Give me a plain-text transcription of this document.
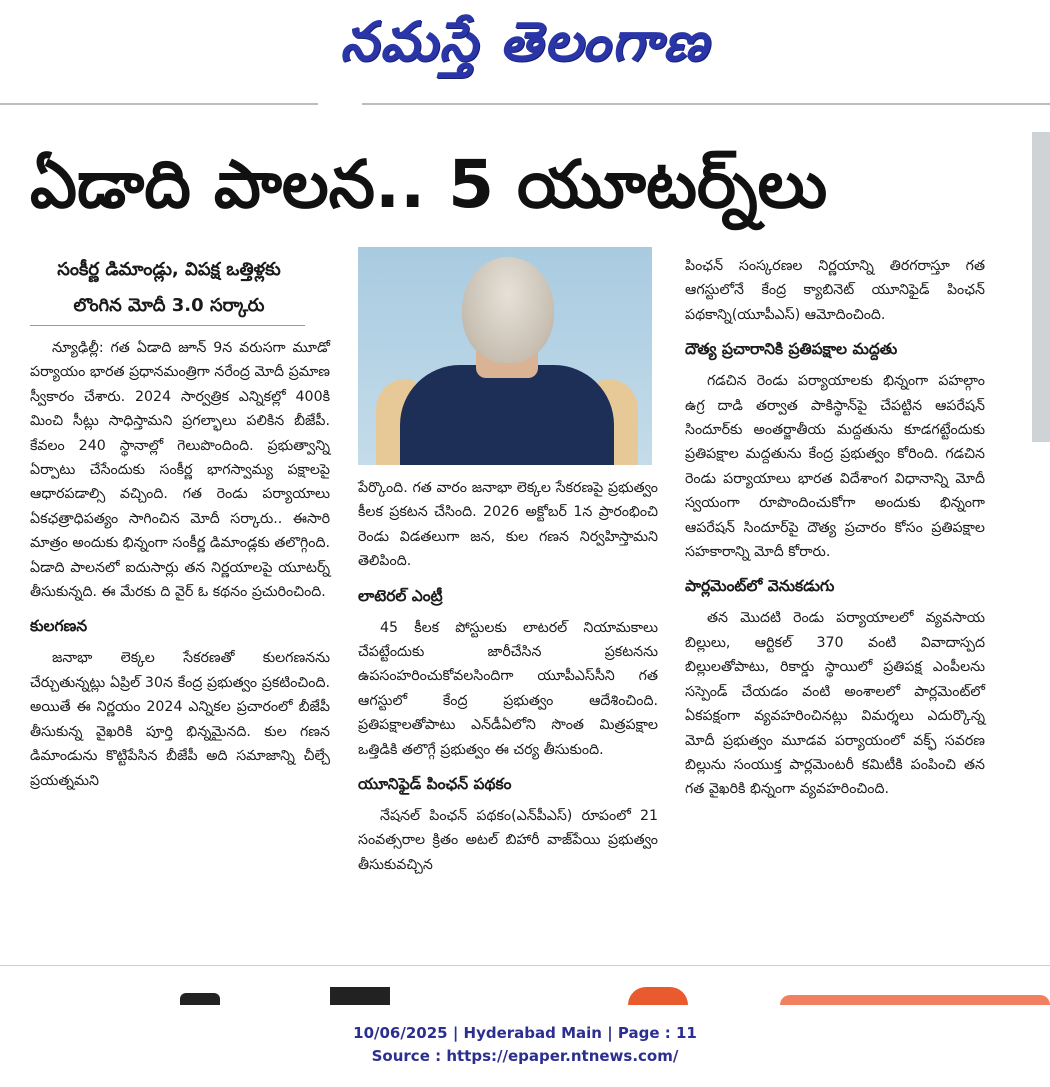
నమస్తే తెలంగాణ
ఏడాది పాలన.. 5 యూటర్న్‌లు
సంకీర్ణ డిమాండ్లు, విపక్ష ఒత్తిళ్లకు
లొంగిన మోదీ 3.0 సర్కారు

న్యూఢిల్లీ: గత ఏడాది జూన్ 9న వరుసగా మూడో పర్యాయం భారత ప్రధానమంత్రిగా నరేంద్ర మోదీ ప్రమాణ స్వీకారం చేశారు. 2024 సార్వత్రిక ఎన్నికల్లో 400కి మించి సీట్లు సాధిస్తామని ప్రగల్భాలు పలికిన బీజేపీ. కేవలం 240 స్థానాల్లో గెలుపొందింది. ప్రభుత్వాన్ని ఏర్పాటు చేసేందుకు సంకీర్ణ భాగస్వామ్య పక్షాలపై ఆధారపడాల్సి వచ్చింది. గత రెండు పర్యాయాలు ఏకఛత్రాధిపత్యం సాగించిన మోదీ సర్కారు.. ఈసారి మాత్రం అందుకు భిన్నంగా సంకీర్ణ డిమాండ్లకు తలొగ్గింది. ఏడాది పాలనలో ఐదుసార్లు తన నిర్ణయాలపై యూటర్న్ తీసుకున్నది. ఈ మేరకు ది వైర్ ఓ కథనం ప్రచురించింది.

కులగణన

జనాభా లెక్కల సేకరణతో కులగణనను చేర్చుతున్నట్లు ఏప్రిల్ 30న కేంద్ర ప్రభుత్వం ప్రకటించింది. అయితే ఈ నిర్ణయం 2024 ఎన్నికల ప్రచారంలో బీజేపీ తీసుకున్న వైఖరికి పూర్తి భిన్నమైనది. కుల గణన డిమాండును కొట్టిపేసిన బీజేపీ అది సమాజాన్ని చీల్చే ప్రయత్నమని

పేర్కొంది. గత వారం జనాభా లెక్కల సేకరణపై ప్రభుత్వం కీలక ప్రకటన చేసింది. 2026 అక్టోబర్ 1న ప్రారంభించి రెండు విడతలుగా జన, కుల గణన నిర్వహిస్తామని తెలిపింది.

లాటెరల్ ఎంట్రీ

45 కీలక పోస్టులకు లాటరల్ నియామకాలు చేపట్టేందుకు జారీచేసిన ప్రకటనను ఉపసంహరించుకోవలసిందిగా యూపీఎస్‌సీని గత ఆగస్టులో కేంద్ర ప్రభుత్వం ఆదేశించింది. ప్రతిపక్షాలతోపాటు ఎన్‌డీఏలోని సొంత మిత్రపక్షాల ఒత్తిడికి తలొగ్గే ప్రభుత్వం ఈ చర్య తీసుకుంది.

యూనిఫైడ్ పింఛన్ పథకం

నేషనల్ పింఛన్ పథకం(ఎన్‌పీఎస్) రూపంలో 21 సంవత్సరాల క్రితం అటల్ బిహారీ వాజ్‌పేయి ప్రభుత్వం తీసుకువచ్చిన

పింఛన్ సంస్కరణల నిర్ణయాన్ని తిరగరాస్తూ గత ఆగస్టులోనే కేంద్ర క్యాబినెట్ యూనిఫైడ్ పింఛన్ పథకాన్ని(యూపీఎస్) ఆమోదించింది.

దౌత్య ప్రచారానికి ప్రతిపక్షాల మద్దతు

గడచిన రెండు పర్యాయాలకు భిన్నంగా పహల్గాం ఉగ్ర దాడి తర్వాత పాకిస్థాన్‌పై చేపట్టిన ఆపరేషన్ సిందూర్‌కు అంతర్జాతీయ మద్దతును కూడగట్టేందుకు ప్రతిపక్షాల మద్దతును కేంద్ర ప్రభుత్వం కోరింది. గడచిన రెండు పర్యాయాలు భారత విదేశాంగ విధానాన్ని మోదీ స్వయంగా రూపొందించుకోగా అందుకు భిన్నంగా ఆపరేషన్ సిందూర్‌పై దౌత్య ప్రచారం కోసం ప్రతిపక్షాల సహకారాన్ని మోదీ కోరారు.

పార్లమెంట్‌లో వెనుకడుగు

తన మొదటి రెండు పర్యాయాలలో వ్యవసాయ బిల్లులు, ఆర్టికల్ 370 వంటి వివాదాస్పద బిల్లులతోపాటు, రికార్డు స్థాయిలో ప్రతిపక్ష ఎంపీలను సస్పెండ్ చేయడం వంటి అంశాలలో పార్లమెంట్‌లో ఏకపక్షంగా వ్యవహరించినట్లు విమర్శలు ఎదుర్కొన్న మోదీ ప్రభుత్వం మూడవ పర్యాయంలో వక్ఫ్ సవరణ బిల్లును సంయుక్త పార్లమెంటరీ కమిటీకి పంపించి తన గత వైఖరికి భిన్నంగా వ్యవహరించింది.

10/06/2025 | Hyderabad Main | Page : 11
Source : https://epaper.ntnews.com/
